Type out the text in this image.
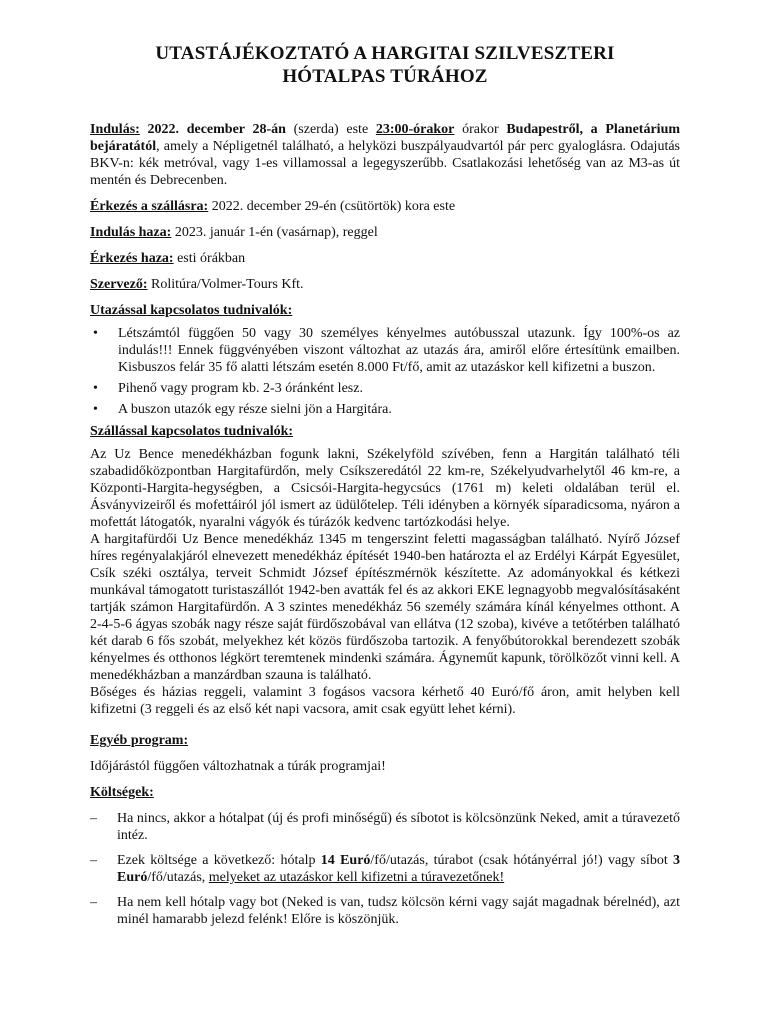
UTASTÁJÉKOZTATÓ A HARGITAI SZILVESZTERI
HÓTALPAS TÚRÁHOZ

Indulás: 2022. december 28-án (szerda) este 23:00-órakor órakor Budapestről, a Planetárium bejáratától, amely a Népligetnél található, a helyközi buszpályaudvartól pár perc gyaloglásra. Odajutás BKV-n: kék metróval, vagy 1-es villamossal a legegyszerűbb. Csatlakozási lehetőség van az M3-as út mentén és Debrecenben.

Érkezés a szállásra: 2022. december 29-én (csütörtök) kora este

Indulás haza: 2023. január 1-én (vasárnap), reggel

Érkezés haza: esti órákban

Szervező: Rolitúra/Volmer-Tours Kft.

Utazással kapcsolatos tudnivalók:

• Létszámtól függően 50 vagy 30 személyes kényelmes autóbusszal utazunk. Így 100%-os az indulás!!! Ennek függvényében viszont változhat az utazás ára, amiről előre értesítünk emailben. Kisbuszos felár 35 fő alatti létszám esetén 8.000 Ft/fő, amit az utazáskor kell kifizetni a buszon.
• Pihenő vagy program kb. 2-3 óránként lesz.
• A buszon utazók egy része sielni jön a Hargitára.

Szállással kapcsolatos tudnivalók:

Az Uz Bence menedékházban fogunk lakni, Székelyföld szívében, fenn a Hargitán található téli szabadidőközpontban Hargitafürdőn, mely Csíkszeredától 22 km-re, Székelyudvarhelytől 46 km-re, a Központi-Hargita-hegységben, a Csicsói-Hargita-hegycsúcs (1761 m) keleti oldalában terül el. Ásványvizeiről és mofettáiról jól ismert az üdülőtelep. Téli idényben a környék síparadicsoma, nyáron a mofettát látogatók, nyaralni vágyók és túrázók kedvenc tartózkodási helye.

A hargitafürdői Uz Bence menedékház 1345 m tengerszint feletti magasságban található. Nyírő József híres regényalakjáról elnevezett menedékház építését 1940-ben határozta el az Erdélyi Kárpát Egyesület, Csík széki osztálya, terveit Schmidt József építészmérnök készítette. Az adományokkal és kétkezi munkával támogatott turistaszállót 1942-ben avatták fel és az akkori EKE legnagyobb megvalósításaként tartják számon Hargitafürdőn. A 3 szintes menedékház 56 személy számára kínál kényelmes otthont. A 2-4-5-6 ágyas szobák nagy része saját fürdőszobával van ellátva (12 szoba), kivéve a tetőtérben található két darab 6 fős szobát, melyekhez két közös fürdőszoba tartozik. A fenyőbútorokkal berendezett szobák kényelmes és otthonos légkört teremtenek mindenki számára. Ágyneműt kapunk, törölközőt vinni kell. A menedékházban a manzárdban szauna is található.

Bőséges és házias reggeli, valamint 3 fogásos vacsora kérhető 40 Euró/fő áron, amit helyben kell kifizetni (3 reggeli és az első két napi vacsora, amit csak együtt lehet kérni).

Egyéb program:

Időjárástól függően változhatnak a túrák programjai!

Költségek:

– Ha nincs, akkor a hótalpat (új és profi minőségű) és síbotot is kölcsönzünk Neked, amit a túravezető intéz.
– Ezek költsége a következő: hótalp 14 Euró/fő/utazás, túrabot (csak hótányérral jó!) vagy síbot 3 Euró/fő/utazás, melyeket az utazáskor kell kifizetni a túravezetőnek!
– Ha nem kell hótalp vagy bot (Neked is van, tudsz kölcsön kérni vagy saját magadnak bérelnéd), azt minél hamarabb jelezd felénk! Előre is köszönjük.
